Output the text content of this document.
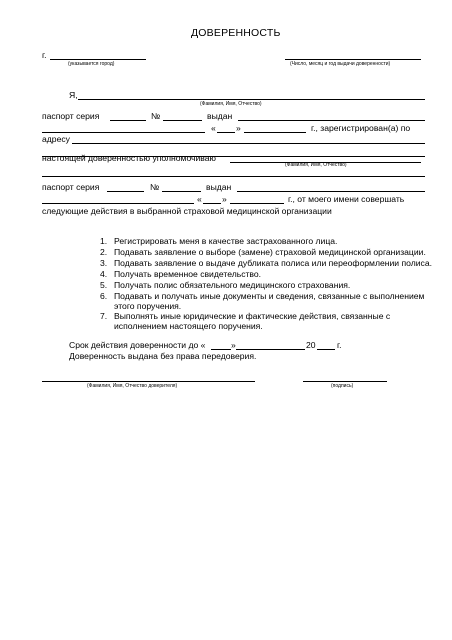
ДОВЕРЕННОСТЬ
г.
(указывается город)	(Число, месяц и год выдачи доверенности)
Я,
(Фамилия, Имя, Отчество)
паспорт серия	№	выдан
« »	г., зарегистрирован(а) по
адресу
настоящей доверенностью уполномочиваю
(Фамилия, Имя, Отчество)
паспорт серия	№	выдан
« »	г., от моего имени совершать
следующие действия в выбранной страховой медицинской организации
1. Регистрировать меня в качестве застрахованного лица.
2. Подавать заявление о выборе (замене) страховой медицинской организации.
3. Подавать заявление о выдаче дубликата полиса или переоформлении полиса.
4. Получать временное свидетельство.
5. Получать полис обязательного медицинского страхования.
6. Подавать и получать иные документы и сведения, связанные с выполнением
этого поручения.
7. Выполнять иные юридические и фактические действия, связанные с
исполнением настоящего поручения.
Срок действия доверенности до «	»	20 г.
Доверенность выдана без права передоверия.
(Фамилия, Имя, Отчество доверителя)	(подпись)
